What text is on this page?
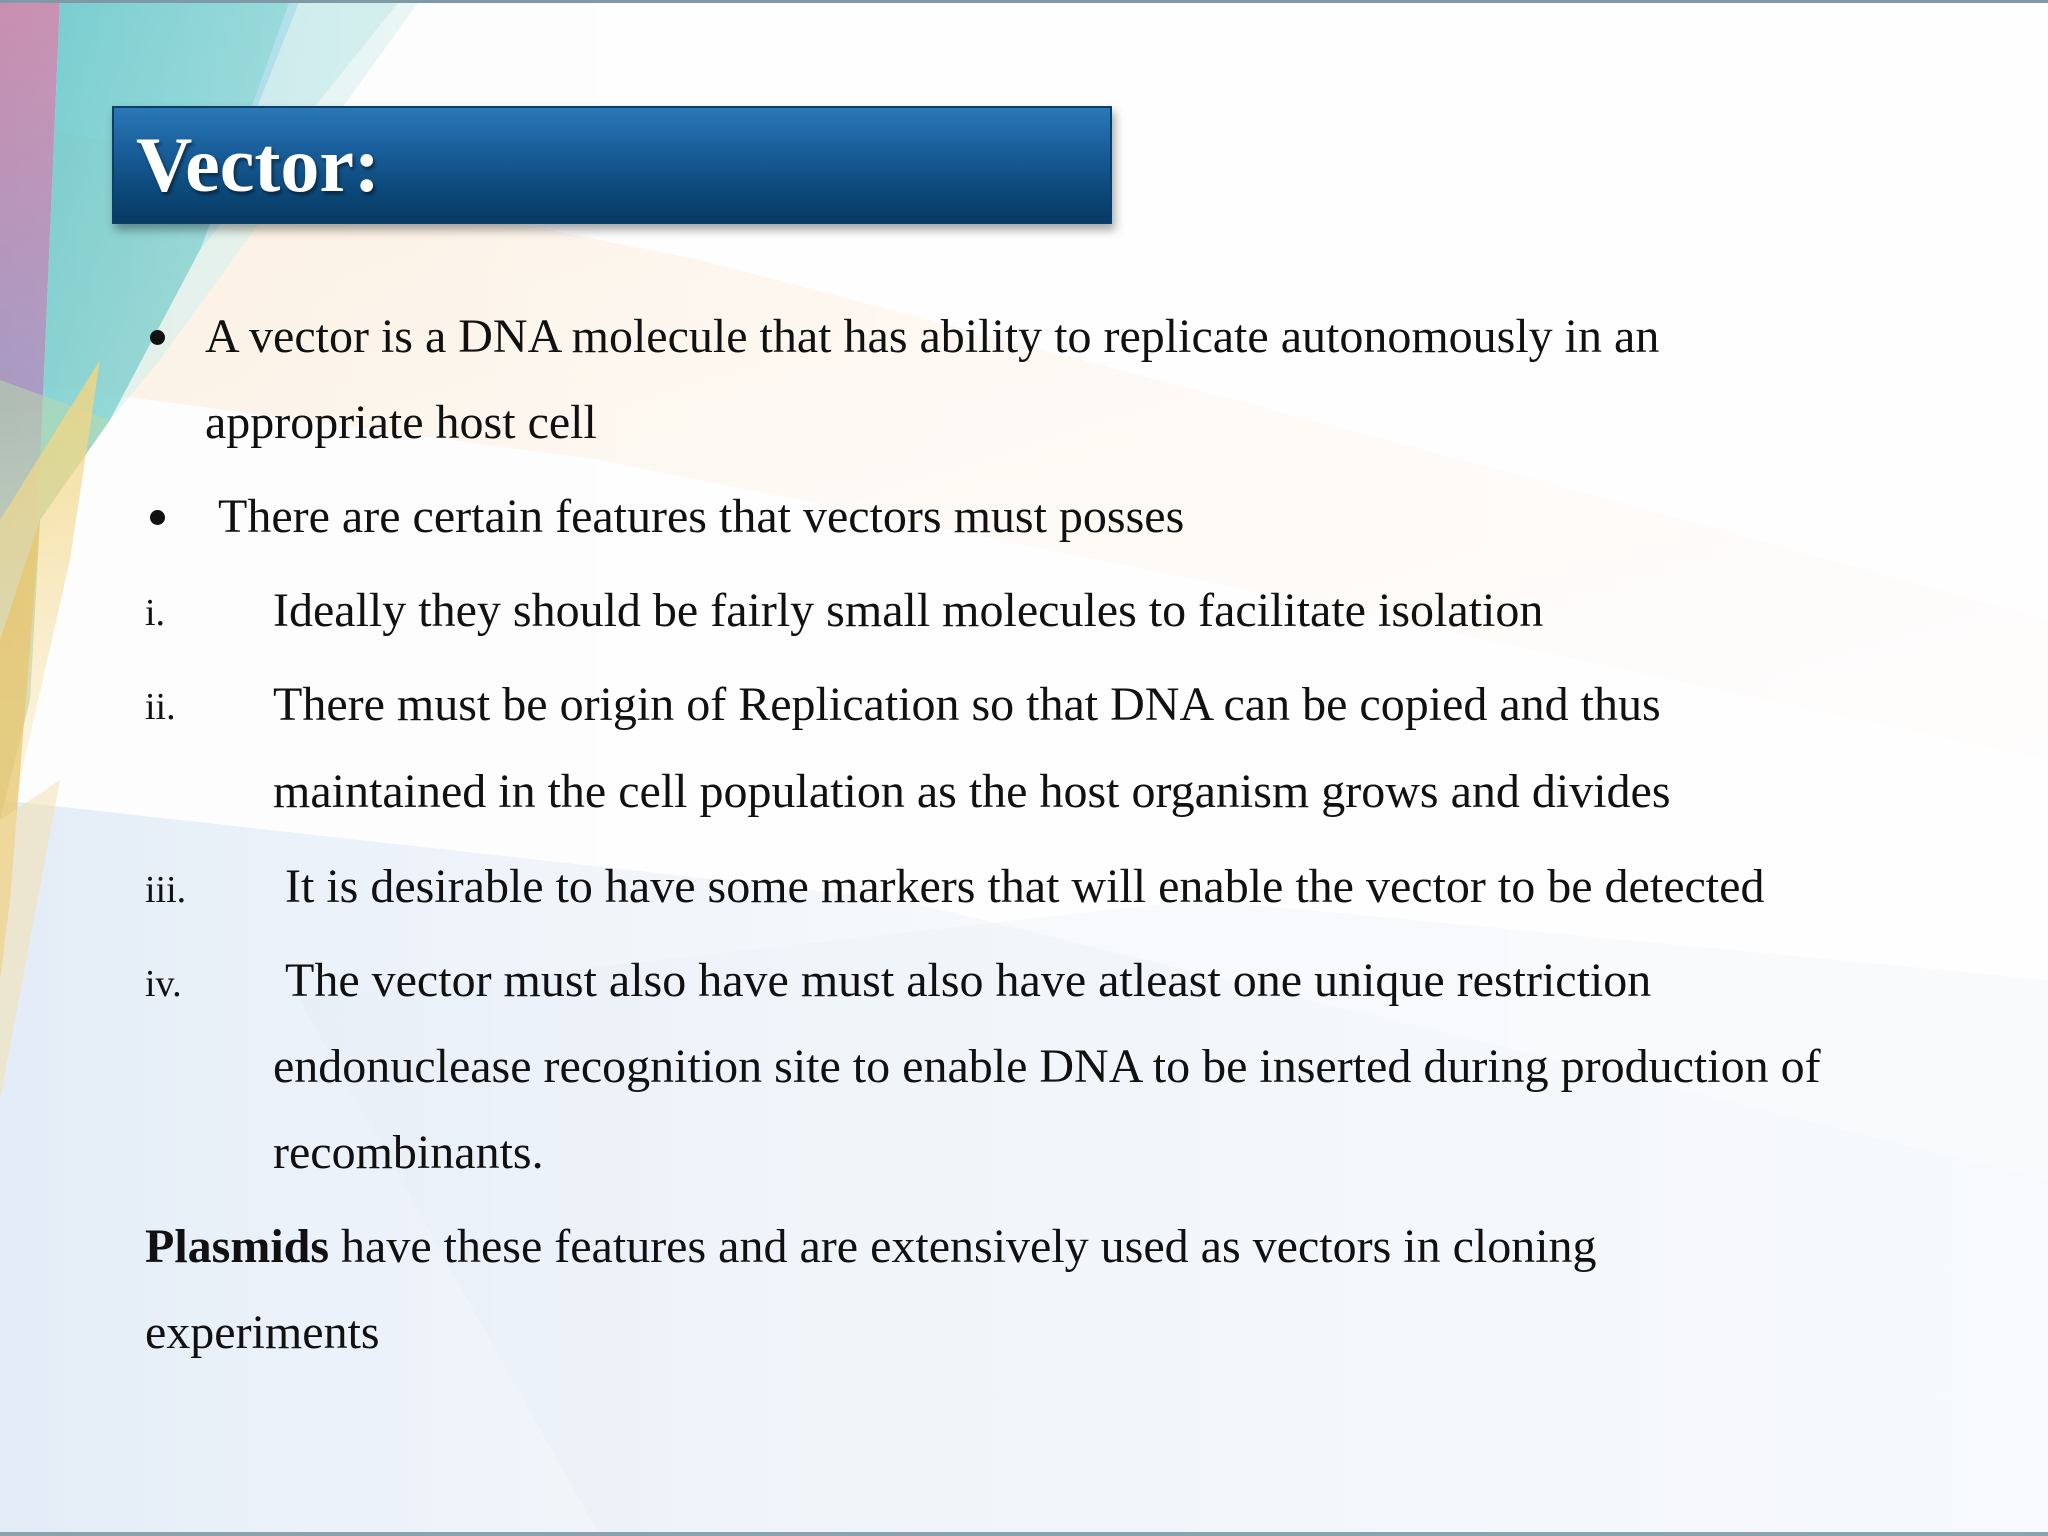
Vector:
A vector is a DNA molecule that has ability to replicate autonomously in an
appropriate host cell
There are certain features that vectors must posses
i. Ideally they should be fairly small molecules to facilitate isolation
ii. There must be origin of Replication so that DNA can be copied and thus
maintained in the cell population as the host organism grows and divides
iii. It is desirable to have some markers that will enable the vector to be detected
iv. The vector must also have must also have atleast one unique restriction
endonuclease recognition site to enable DNA to be inserted during production of
recombinants.
Plasmids have these features and are extensively used as vectors in cloning
experiments
